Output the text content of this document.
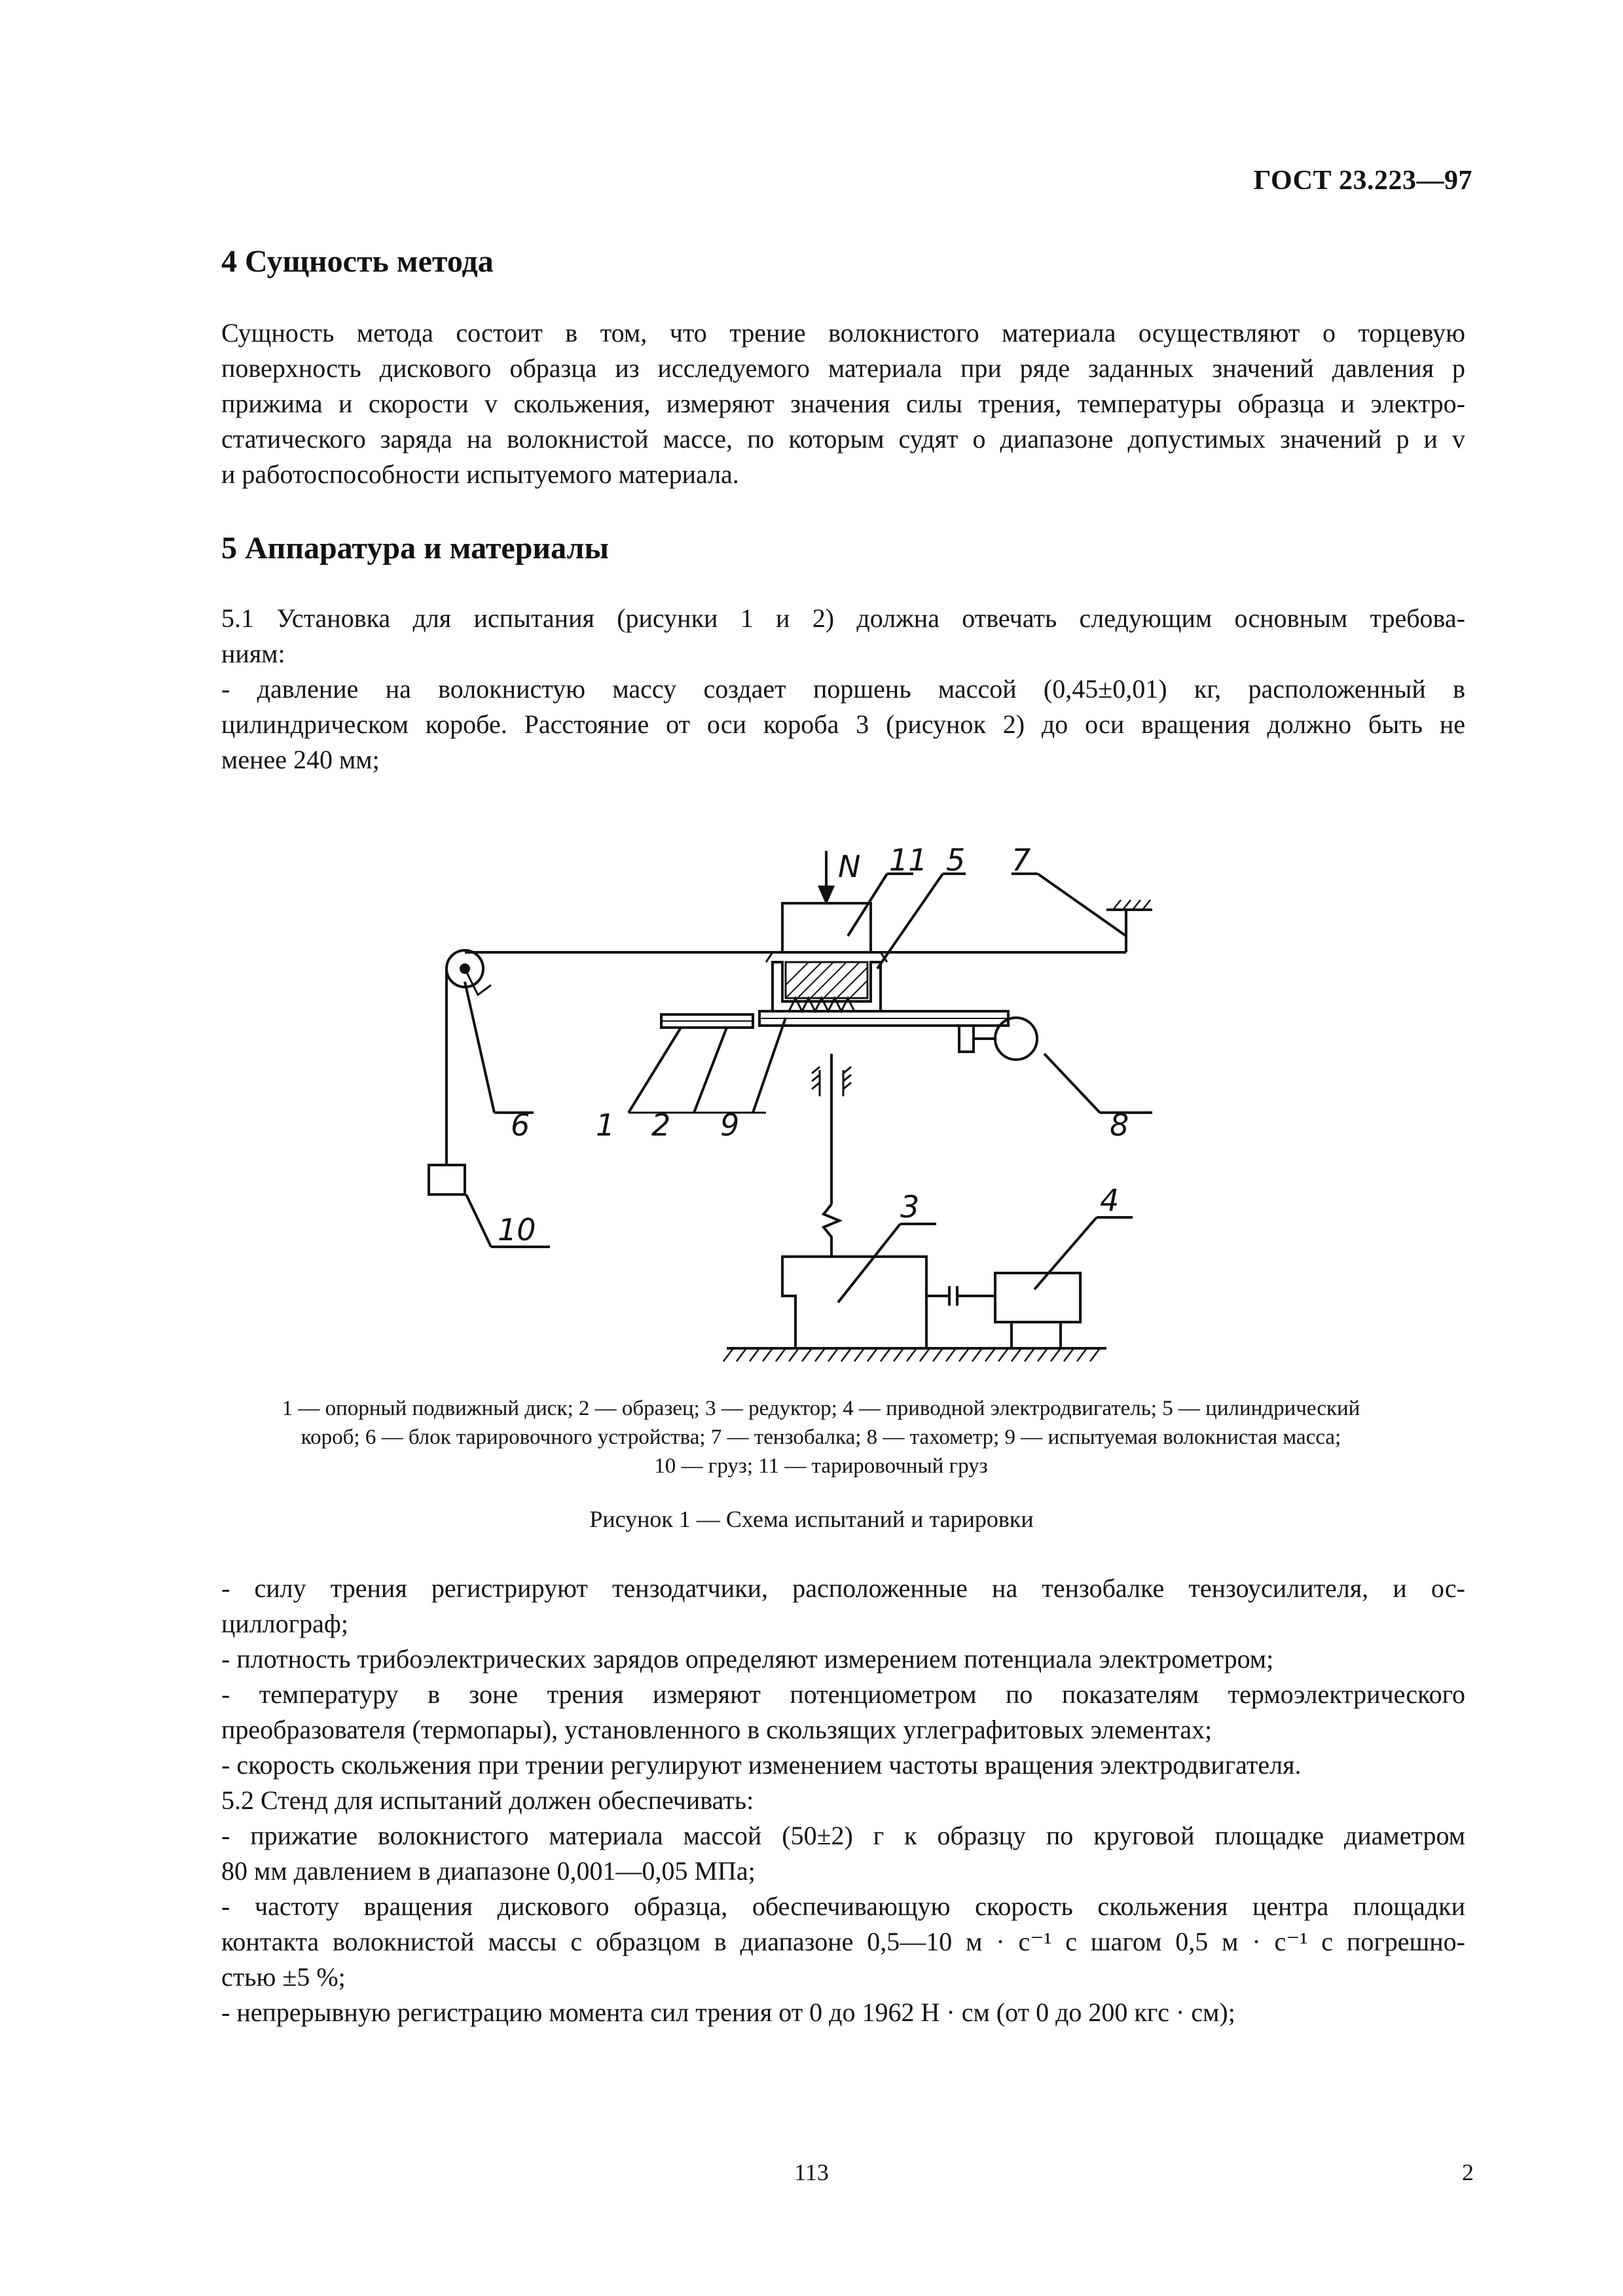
ГОСТ 23.223—97
4 Сущность метода
Сущность метода состоит в том, что трение волокнистого материала осуществляют о торцевую
поверхность дискового образца из исследуемого материала при ряде заданных значений давления p
прижима и скорости v скольжения, измеряют значения силы трения, температуры образца и электро-
статического заряда на волокнистой массе, по которым судят о диапазоне допустимых значений p и v
и работоспособности испытуемого материала.
5 Аппаратура и материалы
5.1 Установка для испытания (рисунки 1 и 2) должна отвечать следующим основным требова-
ниям:
- давление на волокнистую массу создает поршень массой (0,45±0,01) кг, расположенный в
цилиндрическом коробе. Расстояние от оси короба 3 (рисунок 2) до оси вращения должно быть не
менее 240 мм;
N 11 5 7
6 1 2 9	8
3	4
10
1 — опорный подвижный диск; 2 — образец; 3 — редуктор; 4 — приводной электродвигатель; 5 — цилиндрический
короб; 6 — блок тарировочного устройства; 7 — тензобалка; 8 — тахометр; 9 — испытуемая волокнистая масса;
10 — груз; 11 — тарировочный груз
Рисунок 1 — Схема испытаний и тарировки
- силу трения регистрируют тензодатчики, расположенные на тензобалке тензоусилителя, и ос-
циллограф;
- плотность трибоэлектрических зарядов определяют измерением потенциала электрометром;
- температуру в зоне трения измеряют потенциометром по показателям термоэлектрического
преобразователя (термопары), установленного в скользящих углеграфитовых элементах;
- скорость скольжения при трении регулируют изменением частоты вращения электродвигателя.
5.2 Стенд для испытаний должен обеспечивать:
- прижатие волокнистого материала массой (50±2) г к образцу по круговой площадке диаметром
80 мм давлением в диапазоне 0,001—0,05 МПа;
- частоту вращения дискового образца, обеспечивающую скорость скольжения центра площадки
контакта волокнистой массы с образцом в диапазоне 0,5—10 м · с⁻¹ с шагом 0,5 м · с⁻¹ с погрешно-
стью ±5 %;
- непрерывную регистрацию момента сил трения от 0 до 1962 Н · см (от 0 до 200 кгс · см);
113	2
